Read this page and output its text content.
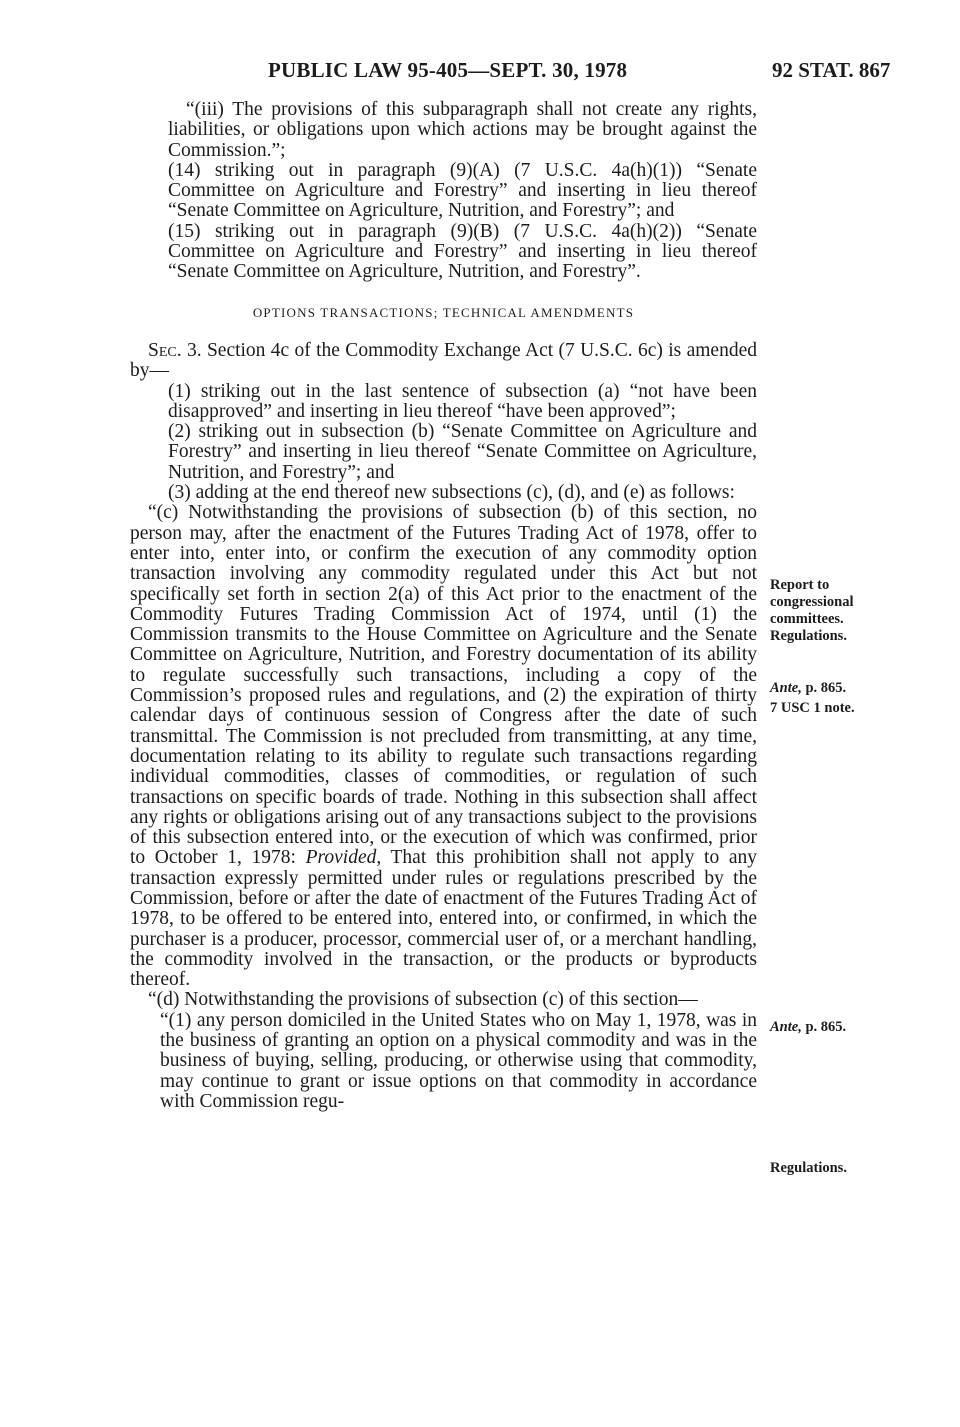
PUBLIC LAW 95-405—SEPT. 30, 1978	92 STAT. 867

“(iii) The provisions of this subparagraph shall not create any rights, liabilities, or obligations upon which actions may be brought against the Commission.”;

(14) striking out in paragraph (9)(A) (7 U.S.C. 4a(h)(1)) “Senate Committee on Agriculture and Forestry” and inserting in lieu thereof “Senate Committee on Agriculture, Nutrition, and Forestry”; and

(15) striking out in paragraph (9)(B) (7 U.S.C. 4a(h)(2)) “Senate Committee on Agriculture and Forestry” and inserting in lieu thereof “Senate Committee on Agriculture, Nutrition, and Forestry”.

OPTIONS TRANSACTIONS; TECHNICAL AMENDMENTS

Sec. 3. Section 4c of the Commodity Exchange Act (7 U.S.C. 6c) is amended by—

(1) striking out in the last sentence of subsection (a) “not have been disapproved” and inserting in lieu thereof “have been approved”;

(2) striking out in subsection (b) “Senate Committee on Agriculture and Forestry” and inserting in lieu thereof “Senate Committee on Agriculture, Nutrition, and Forestry”; and

(3) adding at the end thereof new subsections (c), (d), and (e) as follows:

“(c) Notwithstanding the provisions of subsection (b) of this section, no person may, after the enactment of the Futures Trading Act of 1978, offer to enter into, enter into, or confirm the execution of any commodity option transaction involving any commodity regulated under this Act but not specifically set forth in section 2(a) of this Act prior to the enactment of the Commodity Futures Trading Commission Act of 1974, until (1) the Commission transmits to the House Committee on Agriculture and the Senate Committee on Agriculture, Nutrition, and Forestry documentation of its ability to regulate successfully such transactions, including a copy of the Commission’s proposed rules and regulations, and (2) the expiration of thirty calendar days of continuous session of Congress after the date of such transmittal. The Commission is not precluded from transmitting, at any time, documentation relating to its ability to regulate such transactions regarding individual commodities, classes of commodities, or regulation of such transactions on specific boards of trade. Nothing in this subsection shall affect any rights or obligations arising out of any transactions subject to the provisions of this subsection entered into, or the execution of which was confirmed, prior to October 1, 1978: Provided, That this prohibition shall not apply to any transaction expressly permitted under rules or regulations prescribed by the Commission, before or after the date of enactment of the Futures Trading Act of 1978, to be offered to be entered into, entered into, or confirmed, in which the purchaser is a producer, processor, commercial user of, or a merchant handling, the commodity involved in the transaction, or the products or byproducts thereof.

“(d) Notwithstanding the provisions of subsection (c) of this section—

“(1) any person domiciled in the United States who on May 1, 1978, was in the business of granting an option on a physical commodity and was in the business of buying, selling, producing, or otherwise using that commodity, may continue to grant or issue options on that commodity in accordance with Commission regu-

Report to
congressional
committees.
Regulations.
Ante, p. 865.
7 USC 1 note.
Ante, p. 865.
Regulations.
